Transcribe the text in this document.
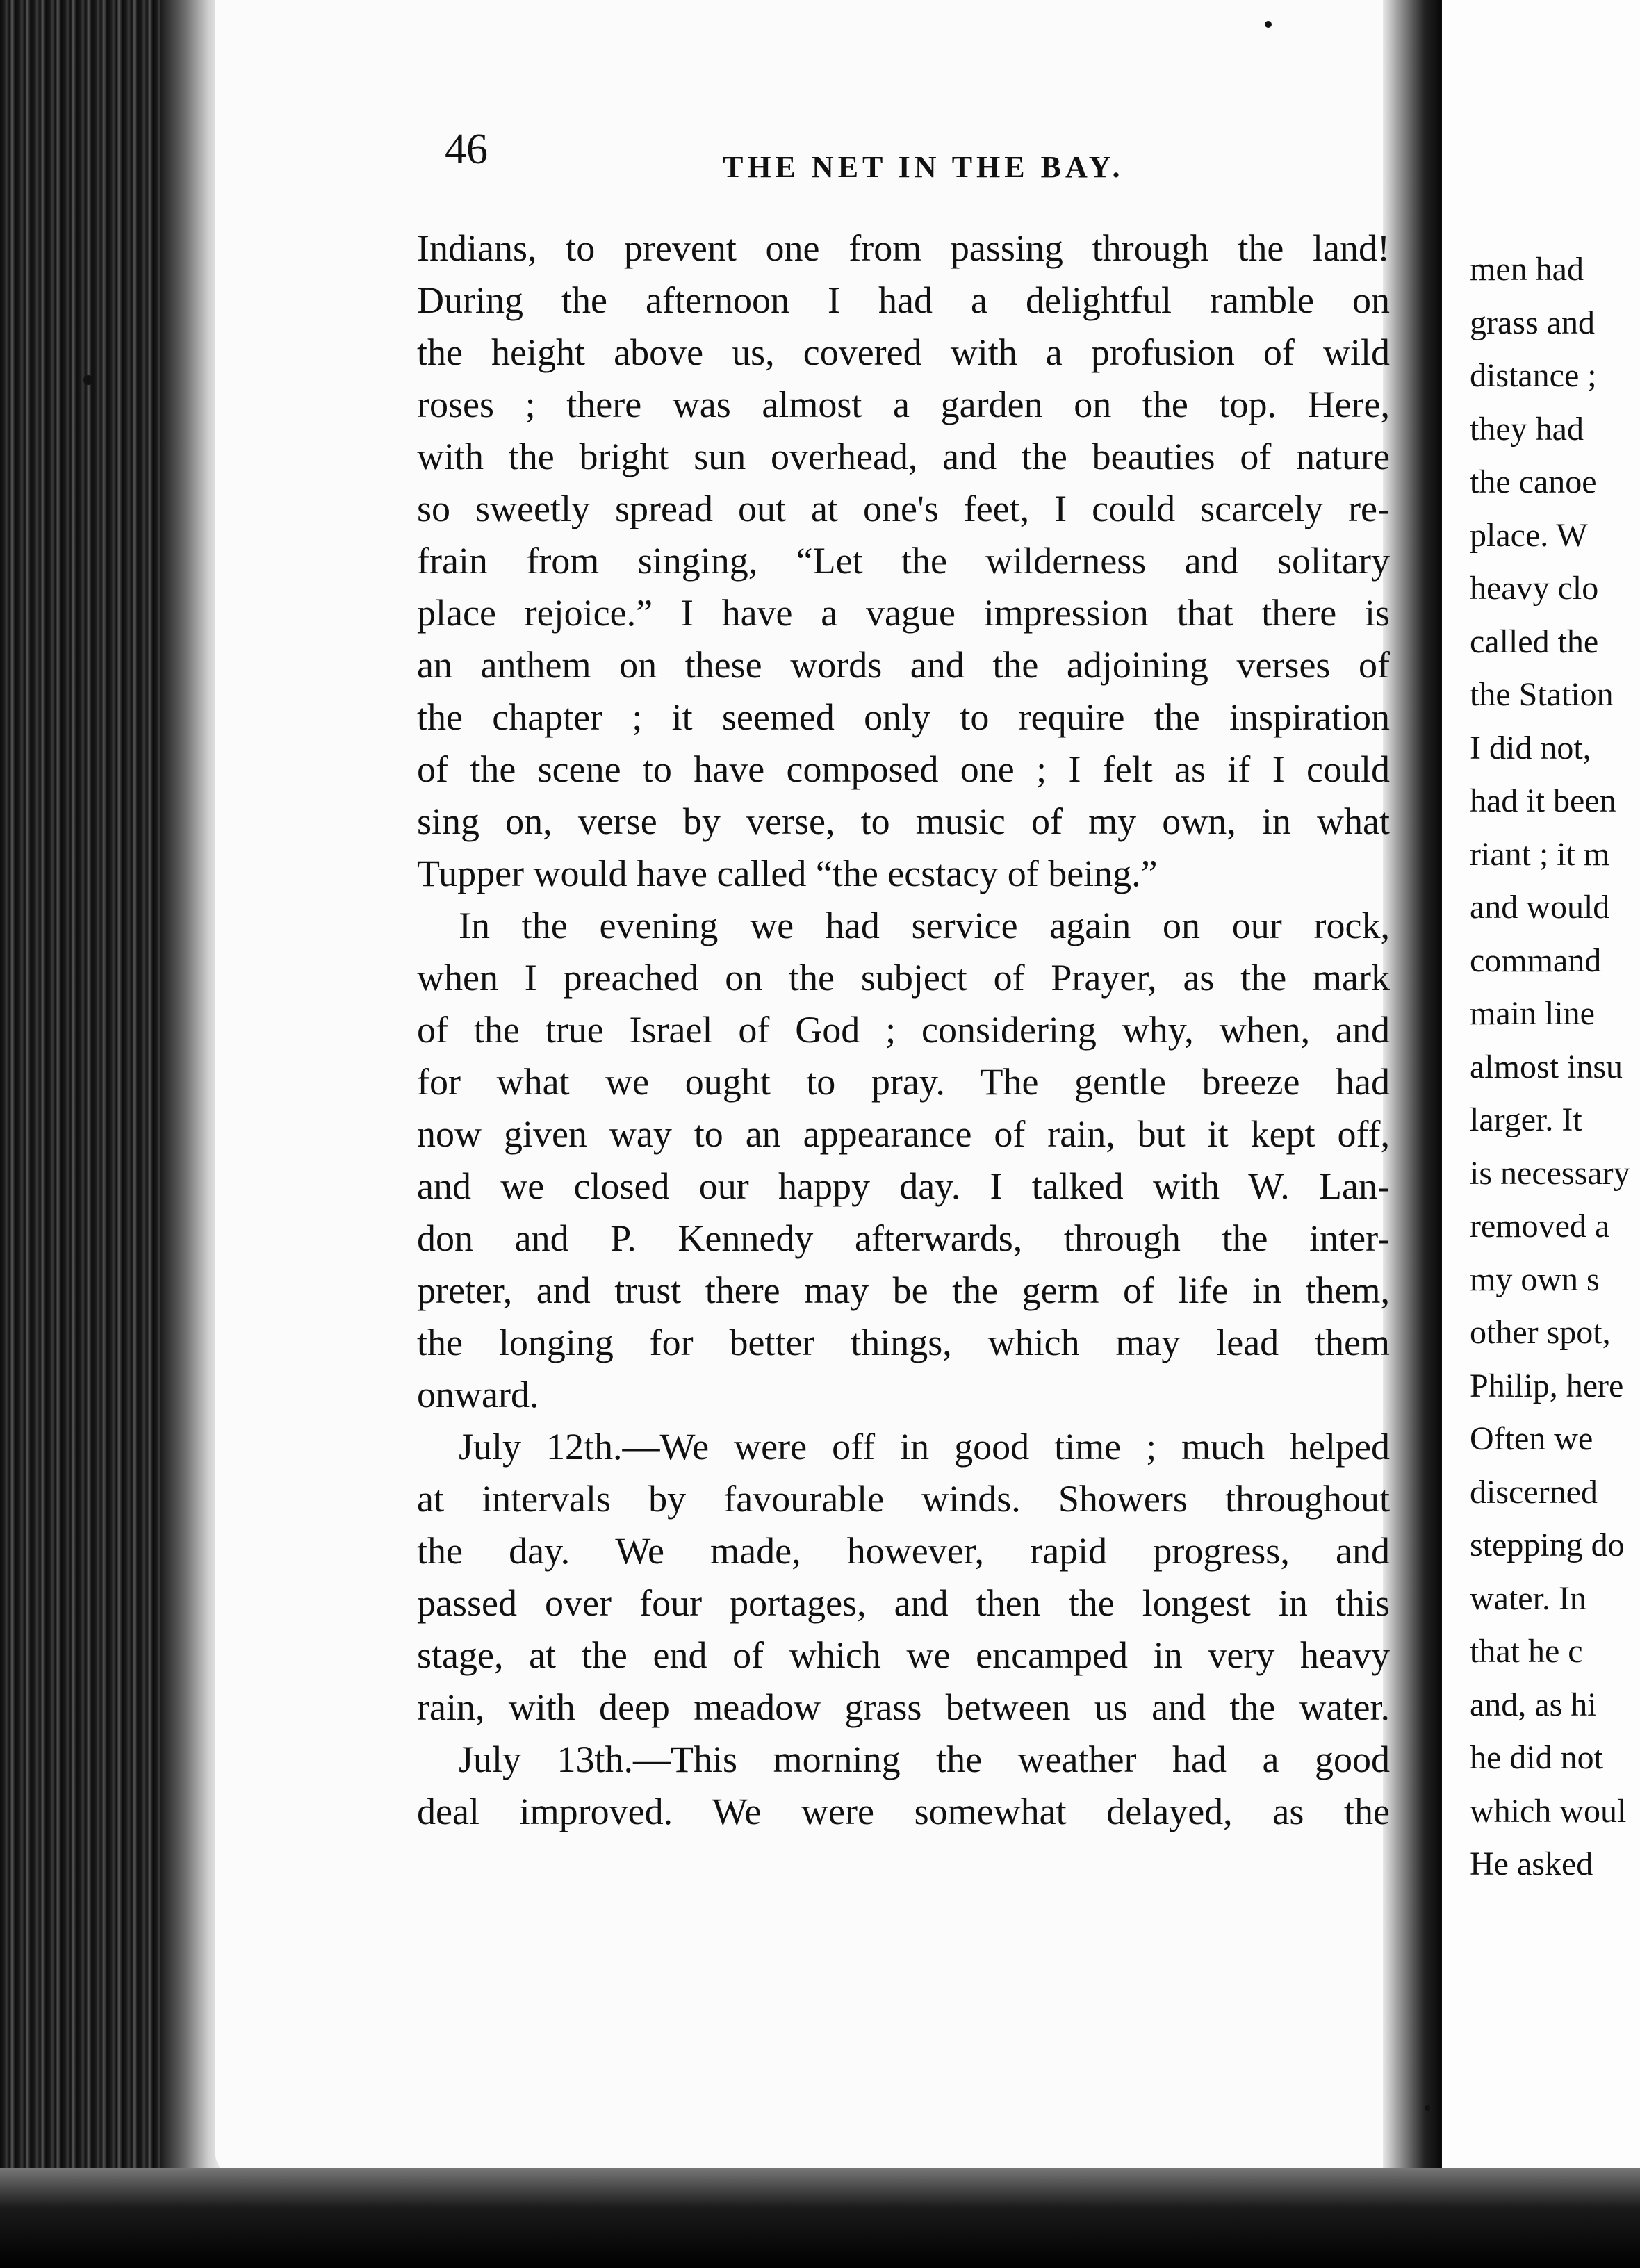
46	THE NET IN THE BAY.
Indians, to prevent one from passing through the land!
During the afternoon I had a delightful ramble on
the height above us, covered with a profusion of wild
roses ; there was almost a garden on the top. Here,
with the bright sun overhead, and the beauties of nature
so sweetly spread out at one's feet, I could scarcely re-
frain from singing, “Let the wilderness and solitary
place rejoice.” I have a vague impression that there is
an anthem on these words and the adjoining verses of
the chapter ; it seemed only to require the inspiration
of the scene to have composed one ; I felt as if I could
sing on, verse by verse, to music of my own, in what
Tupper would have called “the ecstacy of being.”
In the evening we had service again on our rock,
when I preached on the subject of Prayer, as the mark
of the true Israel of God ; considering why, when, and
for what we ought to pray. The gentle breeze had
now given way to an appearance of rain, but it kept off,
and we closed our happy day. I talked with W. Lan-
don and P. Kennedy afterwards, through the inter-
preter, and trust there may be the germ of life in them,
the longing for better things, which may lead them
onward.
July 12th.—We were off in good time ; much helped
at intervals by favourable winds. Showers throughout
the day. We made, however, rapid progress, and
passed over four portages, and then the longest in this
stage, at the end of which we encamped in very heavy
rain, with deep meadow grass between us and the water.
July 13th.—This morning the weather had a good
deal improved. We were somewhat delayed, as the
men had
grass and
distance ;
they had
the canoe
place. W
heavy clo
called the
the Station
I did not,
had it been
riant ; it m
and would
command
main line
almost insu
larger. It
is necessary
removed a
my own s
other spot,
Philip, here
Often we
discerned
stepping do
water. In
that he c
and, as hi
he did not
which woul
He asked
